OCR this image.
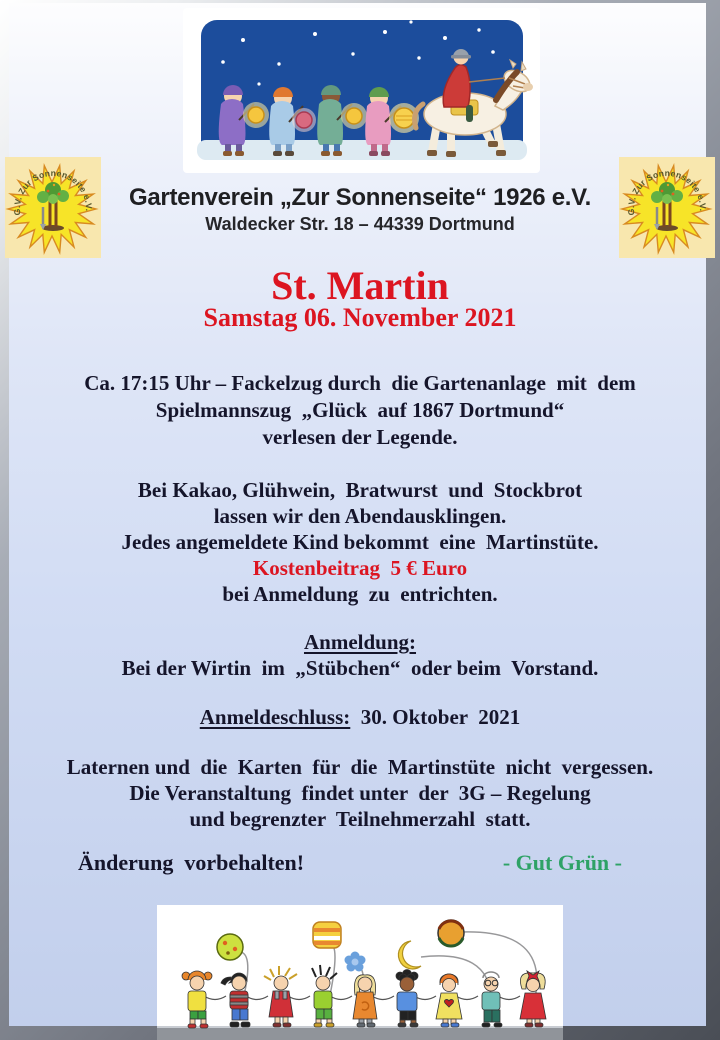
G.V. Zur Sonnenseite e.V.	Gartenverein „Zur Sonnenseite“ 1926 e.V.
Waldecker Str. 18 – 44339 Dortmund
St. Martin
Samstag 06. November 2021
Ca. 17:15 Uhr – Fackelzug durch  die Gartenanlage  mit  dem
Spielmannszug  „Glück  auf 1867 Dortmund“
verlesen der Legende.
Bei Kakao, Glühwein,  Bratwurst  und  Stockbrot
lassen wir den Abendausklingen.
Jedes angemeldete Kind bekommt  eine  Martinstüte.
Kostenbeitrag  5 € Euro
bei Anmeldung  zu  entrichten.
Anmeldung:
Bei der Wirtin  im  „Stübchen“  oder beim  Vorstand.
Anmeldeschluss:  30. Oktober  2021
Laternen und  die  Karten  für  die  Martinstüte  nicht  vergessen.
Die Veranstaltung  findet unter  der  3G – Regelung
und begrenzter  Teilnehmerzahl  statt.
Änderung  vorbehalten!	- Gut Grün -
